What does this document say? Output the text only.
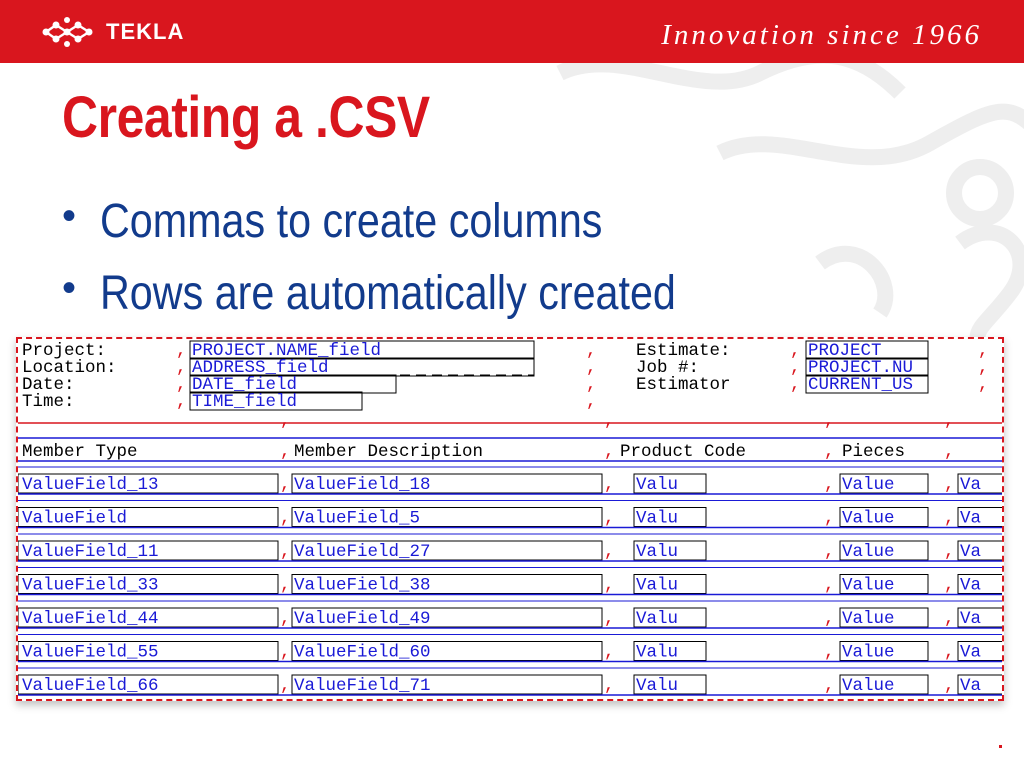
TEKLA	Innovation since 1966
Creating a .CSV
• Commas to create columns
• Rows are automatically created
Project:	, PROJECT.NAME_field	, Estimate:	, PROJECT	,
Location:	, ADDRESS_field	, Job #:	, PROJECT.NU	,
Date:	, DATE_field	, Estimator	, CURRENT_US	,
Time:	, TIME_field	,
,	,	,	,
Member Type	Member Description	Product Code	Pieces
,	,	,	,
ValueField_13	, ValueField_18	, Valu	, Value	, Va
ValueField	, ValueField_5	, Valu	, Value	, Va
ValueField_11	, ValueField_27	, Valu	, Value	, Va
ValueField_33	, ValueField_38	, Valu	, Value	, Va
ValueField_44	, ValueField_49	, Valu	, Value	, Va
ValueField_55	, ValueField_60	, Valu	, Value	, Va
ValueField_66	, ValueField_71	, Valu	, Value	, Va
